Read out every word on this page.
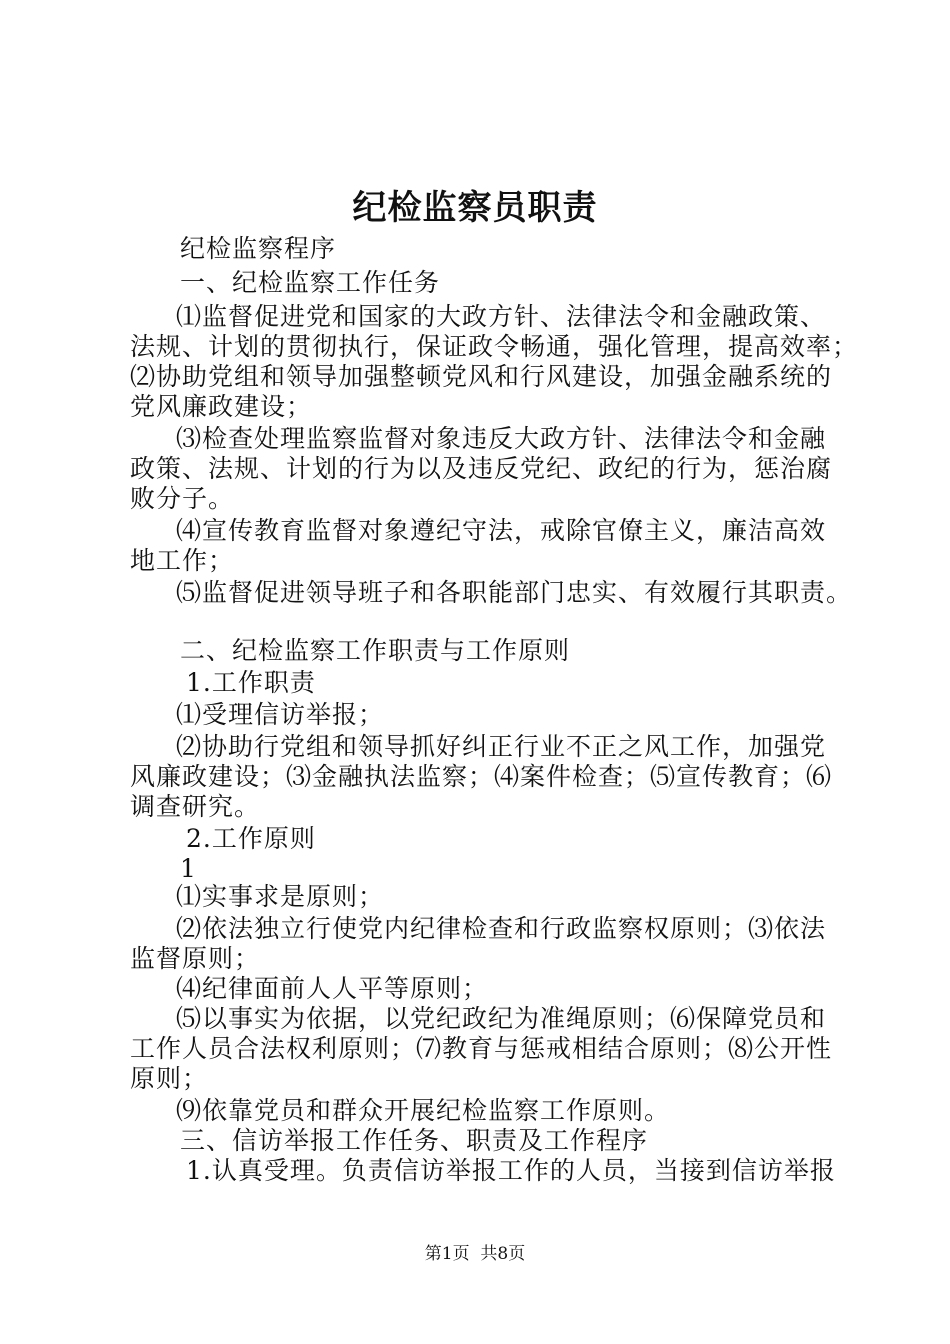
纪检监察员职责
纪检监察程序
一、纪检监察工作任务
⑴监督促进党和国家的大政方针、法律法令和金融政策、
法规、计划的贯彻执行，保证政令畅通，强化管理，提高效率；
⑵协助党组和领导加强整顿党风和行风建设，加强金融系统的
党风廉政建设；
⑶检查处理监察监督对象违反大政方针、法律法令和金融
政策、法规、计划的行为以及违反党纪、政纪的行为，惩治腐
败分子。
⑷宣传教育监督对象遵纪守法，戒除官僚主义，廉洁高效
地工作；
⑸监督促进领导班子和各职能部门忠实、有效履行其职责。
二、纪检监察工作职责与工作原则
1.工作职责
⑴受理信访举报；
⑵协助行党组和领导抓好纠正行业不正之风工作，加强党
风廉政建设；⑶金融执法监察；⑷案件检查；⑸宣传教育；⑹
调查研究。
2.工作原则
1
⑴实事求是原则；
⑵依法独立行使党内纪律检查和行政监察权原则；⑶依法
监督原则；
⑷纪律面前人人平等原则；
⑸以事实为依据，以党纪政纪为准绳原则；⑹保障党员和
工作人员合法权利原则；⑺教育与惩戒相结合原则；⑻公开性
原则；
⑼依靠党员和群众开展纪检监察工作原则。
三、信访举报工作任务、职责及工作程序
1.认真受理。负责信访举报工作的人员，当接到信访举报
第1页  共8页
